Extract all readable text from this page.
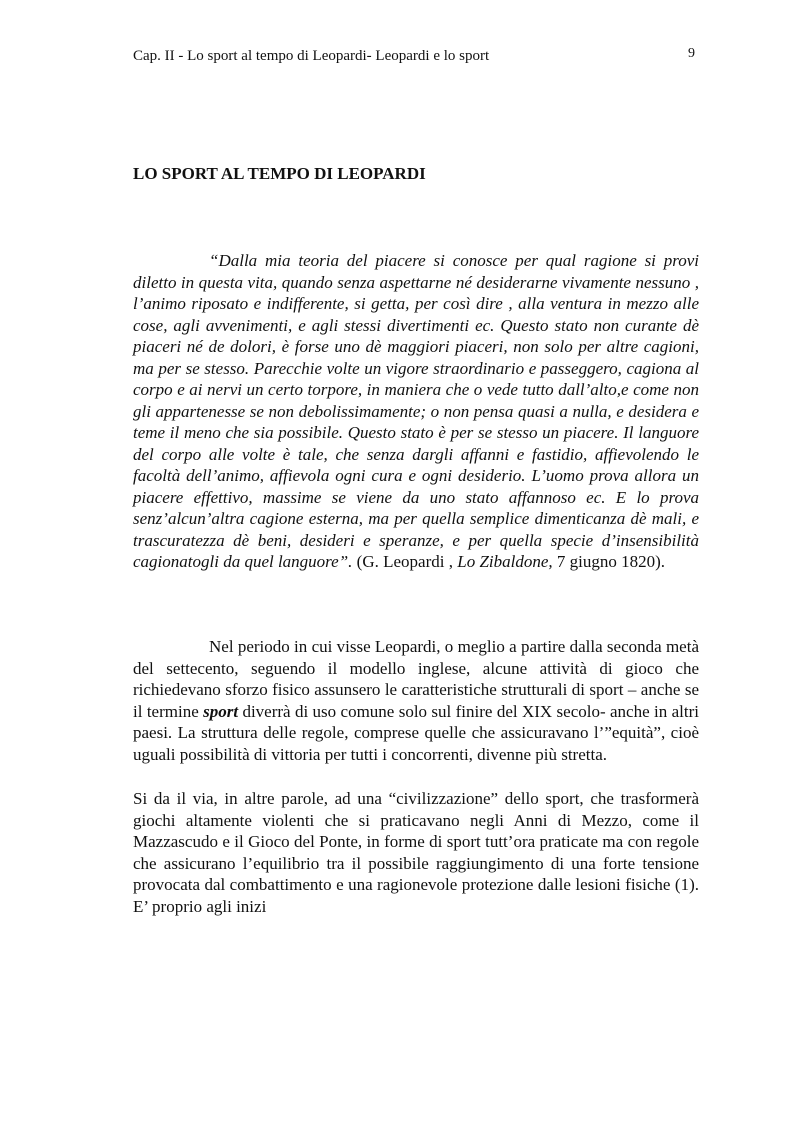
Cap. II - Lo sport al tempo di Leopardi- Leopardi e lo sport	9
LO SPORT AL TEMPO DI LEOPARDI

“Dalla mia teoria del piacere si conosce per qual ragione si provi diletto in questa vita, quando senza aspettarne né desiderarne vivamente nessuno , l’animo riposato e indifferente, si getta, per così dire , alla ventura in mezzo alle cose, agli avvenimenti, e agli stessi divertimenti ec. Questo stato non curante dè piaceri né de dolori, è forse uno dè maggiori piaceri, non solo per altre cagioni, ma per se stesso. Parecchie volte un vigore straordinario e passeggero, cagiona al corpo e ai nervi un certo torpore, in maniera che o vede tutto dall’alto,e come non gli appartenesse se non debolissimamente; o non pensa quasi a nulla, e desidera e teme il meno che sia possibile. Questo stato è per se stesso un piacere. Il languore del corpo alle volte è tale, che senza dargli affanni e fastidio, affievolendo le facoltà dell’animo, affievola ogni cura e ogni desiderio. L’uomo prova allora un piacere effettivo, massime se viene da uno stato affannoso ec. E lo prova senz’alcun’altra cagione esterna, ma per quella semplice dimenticanza dè mali, e trascuratezza dè beni, desideri e speranze, e per quella specie d’insensibilità cagionatogli da quel languore”. (G. Leopardi , Lo Zibaldone, 7 giugno 1820).

Nel periodo in cui visse Leopardi, o meglio a partire dalla seconda metà del settecento, seguendo il modello inglese, alcune attività di gioco che richiedevano sforzo fisico assunsero le caratteristiche strutturali di sport – anche se il termine sport diverrà di uso comune solo sul finire del XIX secolo- anche in altri paesi. La struttura delle regole, comprese quelle che assicuravano l’”equità”, cioè uguali possibilità di vittoria per tutti i concorrenti, divenne più stretta.

Si da il via, in altre parole, ad una “civilizzazione” dello sport, che trasformerà giochi altamente violenti che si praticavano negli Anni di Mezzo, come il Mazzascudo e il Gioco del Ponte, in forme di sport tutt’ora praticate ma con regole che assicurano l’equilibrio tra il possibile raggiungimento di una forte tensione provocata dal combattimento e una ragionevole protezione dalle lesioni fisiche (1). E’ proprio agli inizi
